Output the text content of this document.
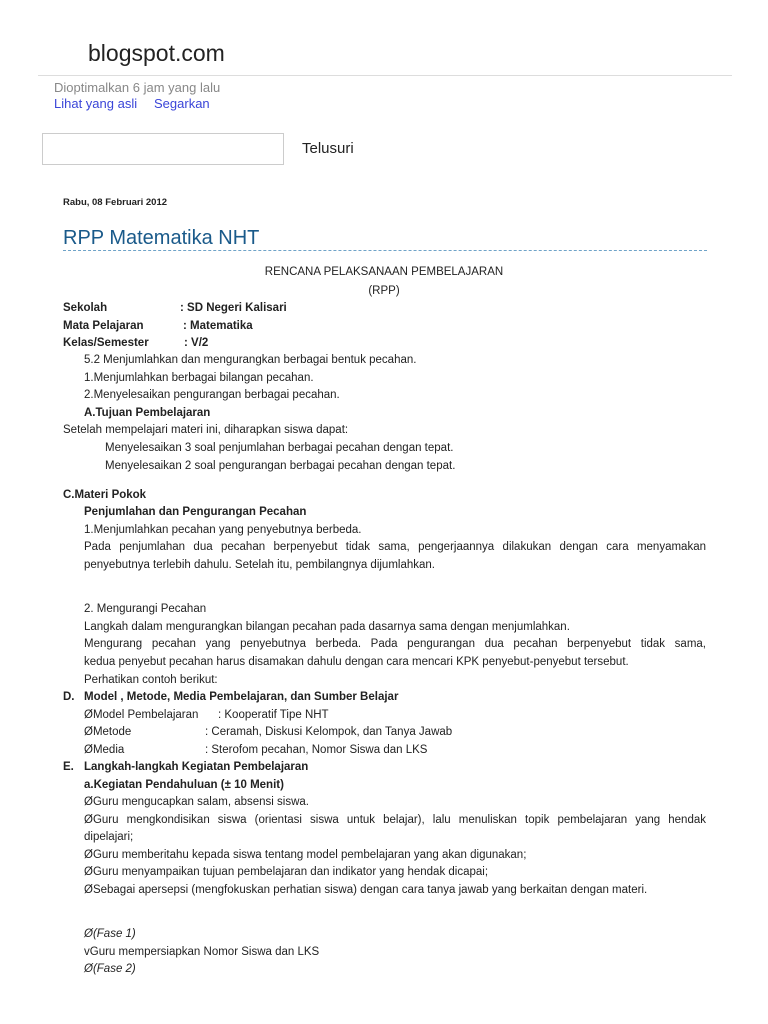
blogspot.com
Dioptimalkan 6 jam yang lalu
Lihat yang asli Segarkan
Telusuri
Rabu, 08 Februari 2012
RPP Matematika NHT
RENCANA PELAKSANAAN PEMBELAJARAN
(RPP)
Sekolah	: SD Negeri Kalisari
Mata Pelajaran	: Matematika
Kelas/Semester	: V/2
5.2 Menjumlahkan dan mengurangkan berbagai bentuk pecahan.
1.Menjumlahkan berbagai bilangan pecahan.
2.Menyelesaikan pengurangan berbagai pecahan.
A.Tujuan Pembelajaran
Setelah mempelajari materi ini, diharapkan siswa dapat:
Menyelesaikan 3 soal penjumlahan berbagai pecahan dengan tepat.
Menyelesaikan 2 soal pengurangan berbagai pecahan dengan tepat.
C.Materi Pokok
Penjumlahan dan Pengurangan Pecahan
1.Menjumlahkan pecahan yang penyebutnya berbeda.
Pada penjumlahan dua pecahan berpenyebut tidak sama, pengerjaannya dilakukan dengan cara menyamakan
penyebutnya terlebih dahulu. Setelah itu, pembilangnya dijumlahkan.
2. Mengurangi Pecahan
Langkah dalam mengurangkan bilangan pecahan pada dasarnya sama dengan menjumlahkan.
Mengurang pecahan yang penyebutnya berbeda. Pada pengurangan dua pecahan berpenyebut tidak sama,
kedua penyebut pecahan harus disamakan dahulu dengan cara mencari KPK penyebut-penyebut tersebut.
Perhatikan contoh berikut:
D. Model , Metode, Media Pembelajaran, dan Sumber Belajar
ØModel Pembelajaran : Kooperatif Tipe NHT
ØMetode	: Ceramah, Diskusi Kelompok, dan Tanya Jawab
ØMedia	: Sterofom pecahan, Nomor Siswa dan LKS
E. Langkah-langkah Kegiatan Pembelajaran
a.Kegiatan Pendahuluan (± 10 Menit)
ØGuru mengucapkan salam, absensi siswa.
ØGuru mengkondisikan siswa (orientasi siswa untuk belajar), lalu menuliskan topik pembelajaran yang hendak
dipelajari;
ØGuru memberitahu kepada siswa tentang model pembelajaran yang akan digunakan;
ØGuru menyampaikan tujuan pembelajaran dan indikator yang hendak dicapai;
ØSebagai apersepsi (mengfokuskan perhatian siswa) dengan cara tanya jawab yang berkaitan dengan materi.
Ø(Fase 1)
vGuru mempersiapkan Nomor Siswa dan LKS
Ø(Fase 2)
